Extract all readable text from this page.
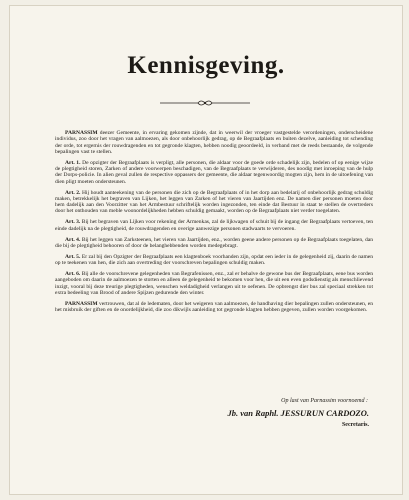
Kennisgeving.

PARNASSIM deezer Gemeente, in ervaring gekomen zijnde, dat in weerwil der vroeger vastgestelde verordeningen, onderscheidene individus, zoo door het vragen van aalmoezen, als door onbehoorlijk gedrag, op de Begraafplaats en buiten dezelve, aanleiding tot schending der orde, tot ergernis der rouwdragenden en tot gegronde klagten, hebben noodig geoordeeld, in verband met de reeds bestaande, de volgende bepalingen vast te stellen.

Art. 1. De opzigter der Begraafplaats is verpligt, alle personen, die aldaar voor de goede orde schadelijk zijn, bedelen of op eenige wijze de plegtigheid storen, Zarken of andere voorwerpen beschadigen, van de Begraafplaats te verwijderen, des noodig met inroeping van de hulp der Dorps-policie. In alien geval zullen de respective oppassers der gemeente, die aldaar tegenwoordig mogten zijn, hem in de uitoefening van dien pligt moeten ondersteunen.

Art. 2. Hij houdt aanteekening van de personen die zich op de Begraafplaats of in het dorp aan bedelarij of onbehoorlijk gedrag schuldig maken, betrekkelijk het begraven van Lijken, het leggen van Zarken of het vieren van Jaartijden enz. De namen dier personen moeten door hem dadelijk aan den Voorzitter van het Armbestuur schriftelijk worden ingezonden, ten einde dat Bestuur in staat te stellen de overtreders door het onthouden van meble woonordelijkheden hebben schuldig gemaakt, worden op de Begraafplaats niet verder toegelaten.

Art. 3. Bij het begraven van Lijken voor rekening der Armenkas, zal de lijkwagen of schuit bij de ingang der Begraafplaats vertoeven, ten einde dadelijk na de plegtigheid, de rouwdragenden en overige aanwezige personen stadwaarts te vervoeren.

Art. 4. Bij het leggen van Zarksteenen, het vieren van Jaartijden, enz., worden geene andere personen op de Begraafplaats toegelaten, dan die bij de plegtigheid behooren of door de belanghebbenden worden medegebragt.

Art. 5. Er zal bij den Opzigter der Begraafplaats een klagtenboek voorhanden zijn, opdat een ieder in de gelegenheid zij, daarin de namen op te teekenen van hen, die zich aan overtreding der voorschreven bepalingen schuldig maken.

Art. 6. Bij alle de voorschrevene gelegenheden van Begrafenissen, enz., zal er behalve de gewone bus der Begraafplaats, eene bus worden aangeboden om daarin de aalmoezen te storten en alleen de gelegenheid te bekomen voor hen, die uit een even godsdienstig als menschlievend inzigt, vooral bij deze treurige plegtigheden, wenschen weldadigheid verlangen uit te oefenen. De opbrengst dier bus zal speciaal strekken tot extra bedeeling van Brood of andere Spijzen gedurende den winter.

PARNASSIM vertrouwen, dat al de ledematen, door het weigeren van aalmoezen, de handhaving dier bepalingen zullen ondersteunen, en het misbruik der giften en de onordelijkheid, die zoo dikwijls aanleiding tot gegronde klagten hebben gegeven, zullen worden voorgekomen.

Op last van Parnassim voornoemd :
Jb. van Raphl. JESSURUN CARDOZO.
Secretaris.
